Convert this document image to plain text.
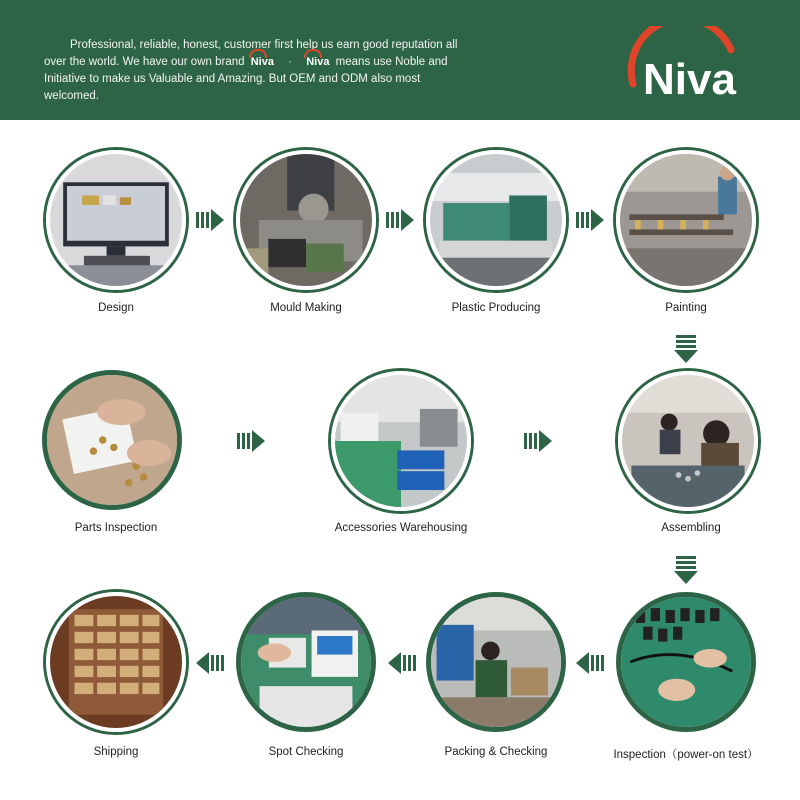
Professional, reliable, honest, customer first help us earn good reputation all
over the world. We have our own brand Niva · Niva means use Noble and
Initiative to make us Valuable and Amazing. But OEM and ODM also most
welcomed.	Niva
Design	Mould Making	Plastic Producing	Painting
Parts Inspection	Accessories Warehousing	Assembling
Shipping	Spot Checking	Packing & Checking	Inspection（power-on test）
